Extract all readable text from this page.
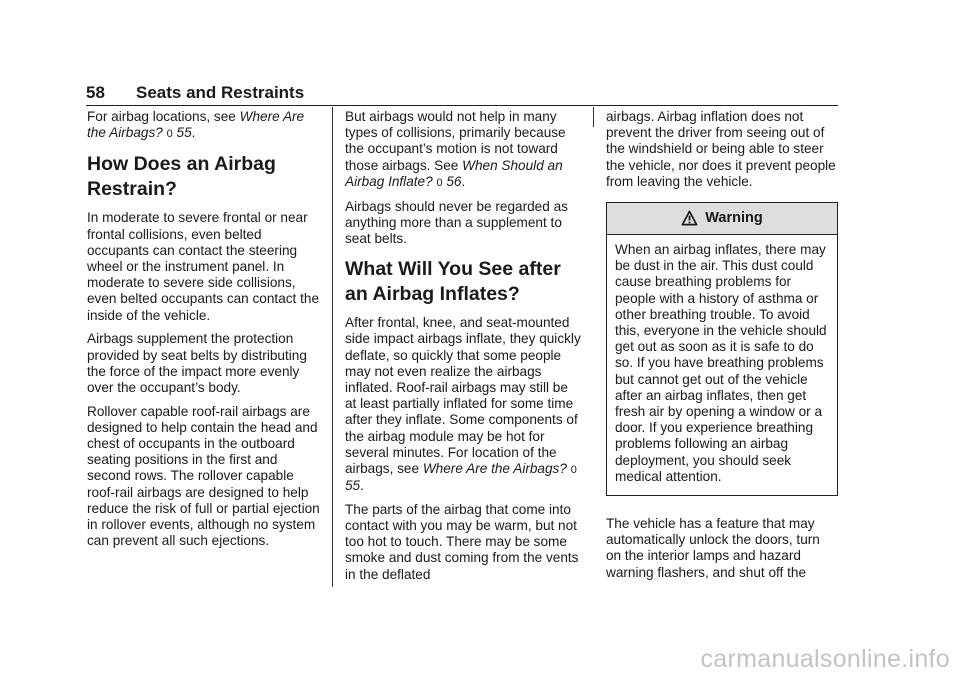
58 Seats and Restraints

For airbag locations, see Where Are the Airbags? 0 55.

How Does an Airbag Restrain?

In moderate to severe frontal or near frontal collisions, even belted occupants can contact the steering wheel or the instrument panel. In moderate to severe side collisions, even belted occupants can contact the inside of the vehicle.

Airbags supplement the protection provided by seat belts by distributing the force of the impact more evenly over the occupant’s body.

Rollover capable roof-rail airbags are designed to help contain the head and chest of occupants in the outboard seating positions in the first and second rows. The rollover capable roof-rail airbags are designed to help reduce the risk of full or partial ejection in rollover events, although no system can prevent all such ejections.

But airbags would not help in many types of collisions, primarily because the occupant’s motion is not toward those airbags. See When Should an Airbag Inflate? 0 56.

Airbags should never be regarded as anything more than a supplement to seat belts.

What Will You See after an Airbag Inflates?

After frontal, knee, and seat-mounted side impact airbags inflate, they quickly deflate, so quickly that some people may not even realize the airbags inflated. Roof-rail airbags may still be at least partially inflated for some time after they inflate. Some components of the airbag module may be hot for several minutes. For location of the airbags, see Where Are the Airbags? 0 55.

The parts of the airbag that come into contact with you may be warm, but not too hot to touch. There may be some smoke and dust coming from the vents in the deflated

airbags. Airbag inflation does not prevent the driver from seeing out of the windshield or being able to steer the vehicle, nor does it prevent people from leaving the vehicle.

Warning
When an airbag inflates, there may be dust in the air. This dust could cause breathing problems for people with a history of asthma or other breathing trouble. To avoid this, everyone in the vehicle should get out as soon as it is safe to do so. If you have breathing problems but cannot get out of the vehicle after an airbag inflates, then get fresh air by opening a window or a door. If you experience breathing problems following an airbag deployment, you should seek medical attention.

The vehicle has a feature that may automatically unlock the doors, turn on the interior lamps and hazard warning flashers, and shut off the

carmanualsonline.info
